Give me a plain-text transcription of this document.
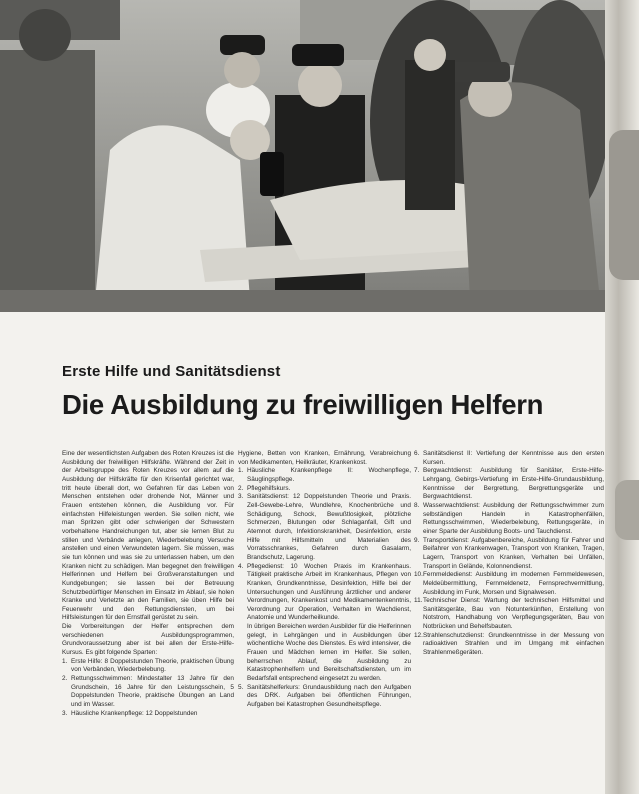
Erste Hilfe und Sanitätsdienst
Die Ausbildung zu freiwilligen Helfern

Eine der wesentlichsten Aufgaben des Roten Kreuzes ist die Ausbildung der freiwilligen Hilfskräfte. Während der Zeit in der Arbeitsgruppe des Roten Kreuzes vor allem auf die Ausbildung der Hilfskräfte für den Krisenfall gerichtet war, tritt heute überall dort, wo Gefahren für das Leben von Menschen entstehen oder drohende Not, Männer und Frauen entstehen können, die Ausbildung vor. Für einfachsten Hilfeleistungen werden. Sie sollen nicht, wie man Spritzen gibt oder schwierigen der Schwestern vorbehaltene Handreichungen tut, aber sie lernen Blut zu stillen und Verbände anlegen, Wiederbelebung Versuche anstellen und einen Verwundeten lagern. Sie müssen, was sie tun können und was sie zu unterlassen haben, um den Kranken nicht zu schädigen. Man begegnet den freiwilligen Helferinnen und Helfern bei Großveranstaltungen und Kundgebungen; sie lassen bei der Betreuung Schutzbedürftiger Menschen im Einsatz im Ablauf, sie holen Kranke und Verletzte an den Familien, sie üben Hilfe bei Feuerwehr und den Rettungsdiensten, um bei Hilfsleistungen für den Ernstfall gerüstet zu sein.

Die Vorbereitungen der Helfer entsprechen dem verschiedenen Ausbildungsprogrammen, Grundvoraussetzung aber ist bei allen der Erste-Hilfe-Kursus. Es gibt folgende Sparten:

1. Erste Hilfe: 8 Doppelstunden Theorie, praktischen Übung von Verbänden, Wiederbelebung.
2. Rettungsschwimmen: Mindestalter 13 Jahre für den Grundschein, 16 Jahre für den Leistungsschein, 5 Doppelstunden Theorie, praktische Übungen an Land und im Wasser.
3. Häusliche Krankenpflege: 12 Doppelstunden

Hygiene, Betten von Kranken, Ernährung, Verabreichung von Medikamenten, Heilkräuter, Krankenkost.

1. Häusliche Krankenpflege II: Wochenpflege, Säuglingspflege.
2. Pflegehilfskurs.
3. Sanitätsdienst: 12 Doppelstunden Theorie und Praxis. Zell-Gewebe-Lehre, Wundlehre, Knochenbrüche und Schädigung, Schock, Bewußtlosigkeit, plötzliche Schmerzen, Blutungen oder Schlaganfall, Gift und Atemnot durch, Infektionskrankheit, Desinfektion, erste Hilfe mit Hilfsmitteln und Materialien des Vorratsschrankes, Gefahren durch Gasalarm, Brandschutz, Lagerung.
4. Pflegedienst: 10 Wochen Praxis im Krankenhaus. Tätigkeit praktische Arbeit im Krankenhaus, Pflegen von Kranken, Grundkenntnisse, Desinfektion, Hilfe bei der Untersuchungen und Ausführung ärztlicher und anderer Verordnungen, Krankenkost und Medikamentenkenntnis, Verordnung zur Operation, Verhalten im Wachdienst, Anatomie und Wunderheilkunde.
In übrigen Bereichen werden Ausbilder für die Helferinnen gelegt, in Lehrgängen und in Ausbildungen über wöchentliche Woche des Dienstes. Es wird intensiver, die Frauen und Mädchen lernen im Helfer. Sie sollen, beherrschen Ablauf, die Ausbildung zu Katastrophenhelfern und Bereitschaftsdiensten, um im Bedarfsfall entsprechend eingesetzt zu werden.
5. Sanitätshelferkurs: Grundausbildung nach den Aufgaben des DRK. Aufgaben bei öffentlichen Führungen, Aufgaben bei Katastrophen Gesundheitspflege.
6. Sanitätsdienst II: Vertiefung der Kenntnisse aus den ersten Kursen.
7. Bergwachtdienst: Ausbildung für Sanitäter, Erste-Hilfe-Lehrgang, Gebirgs-Vertiefung im Erste-Hilfe-Grundausbildung, Kenntnisse der Bergrettung, Bergrettungsgeräte und Bergwachtdienst.
8. Wasserwachtdienst: Ausbildung der Rettungsschwimmer zum selbständigen Handeln in Katastrophenfällen, Rettungsschwimmen, Wiederbelebung, Rettungsgeräte, in einer Sparte der Ausbildung Boots- und Tauchdienst.
9. Transportdienst: Aufgabenbereiche, Ausbildung für Fahrer und Beifahrer von Krankenwagen, Transport von Kranken, Tragen, Lagern, Transport von Kranken, Verhalten bei Unfällen, Transport in Gelände, Kolonnendienst.
10.Fernmeldedienst: Ausbildung im modernen Fernmeldewesen, Meldeübermittlung, Fernmeldenetz, Fernsprechvermittlung, Ausbildung im Funk, Morsen und Signalwesen.
11.Technischer Dienst: Wartung der technischen Hilfsmittel und Sanitätsgeräte, Bau von Notunterkünften, Erstellung von Notstrom, Handhabung von Verpflegungsgeräten, Bau von Notbrücken und Behelfsbauten.
12.Strahlenschutzdienst: Grundkenntnisse in der Messung von radioaktiven Strahlen und im Umgang mit einfachen Strahlenmeßgeräten.
